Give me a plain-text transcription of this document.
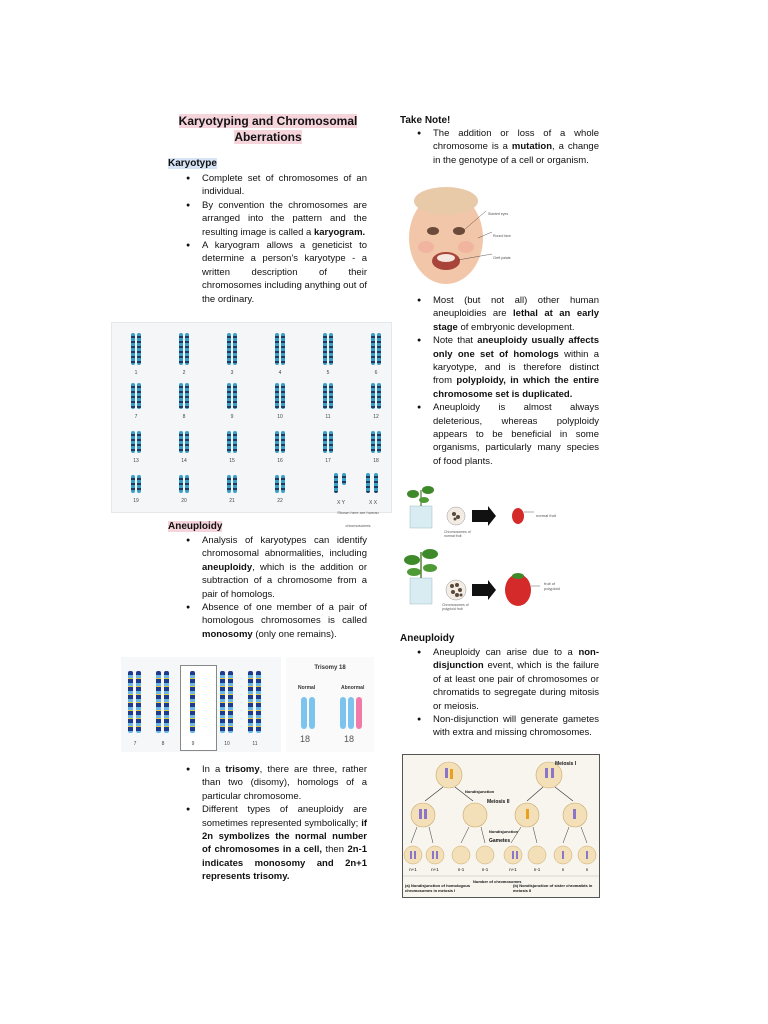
Karyotyping and Chromosomal
Aberrations
Karyotype
● Complete set of chromosomes of an individual.
● By convention the chromosomes are arranged into the pattern and the resulting image is called a karyogram.
● A karyogram allows a geneticist to determine a person's karyotype - a written description of their chromosomes including anything out of the ordinary.
1	2	3	4	5	6
7	8	9	10	11	12
13	14	15	16	17	18
19	20	21	22	X Y	X X
Shown here are human chromosomes
Aneuploidy
● Analysis of karyotypes can identify chromosomal abnormalities, including aneuploidy, which is the addition or subtraction of a chromosome from a pair of homologs.
● Absence of one member of a pair of homologous chromosomes is called monosomy (only one remains).
7	8	9	10	11
Trisomy 18
Normal	Abnormal
18	18
● In a trisomy, there are three, rather than two (disomy), homologs of a particular chromosome.
● Different types of aneuploidy are sometimes represented symbolically; if 2n symbolizes the normal number of chromosomes in a cell, then 2n-1 indicates monosomy and 2n+1 represents trisomy.
Take Note!
● The addition or loss of a whole chromosome is a mutation, a change in the genotype of a cell or organism.
Slanted eyes
Round face
Cleft palate
● Most (but not all) other human aneuploidies are lethal at an early stage of embryonic development.
● Note that aneuploidy usually affects only one set of homologs within a karyotype, and is therefore distinct from polyploidy, in which the entire chromosome set is duplicated.
● Aneuploidy is almost always deleterious, whereas polyploidy appears to be beneficial in some organisms, particularly many species of food plants.
normal fruit
Chromosomes of normal fruit
fruit of polyploid
Chromosomes of polyploid fruit
Aneuploidy
● Aneuploidy can arise due to a non-disjunction event, which is the failure of at least one pair of chromosomes or chromatids to segregate during mitosis or meiosis.
● Non-disjunction will generate gametes with extra and missing chromosomes.
Meiosis I
Nondisjunction
Meiosis II
Nondisjunction
Gametes
n+1	n+1	n-1	n-1	n+1	n-1	n	n
Number of chromosomes
(a) Nondisjunction of homologous chromosomes in meiosis I
(b) Nondisjunction of sister chromatids in meiosis II
